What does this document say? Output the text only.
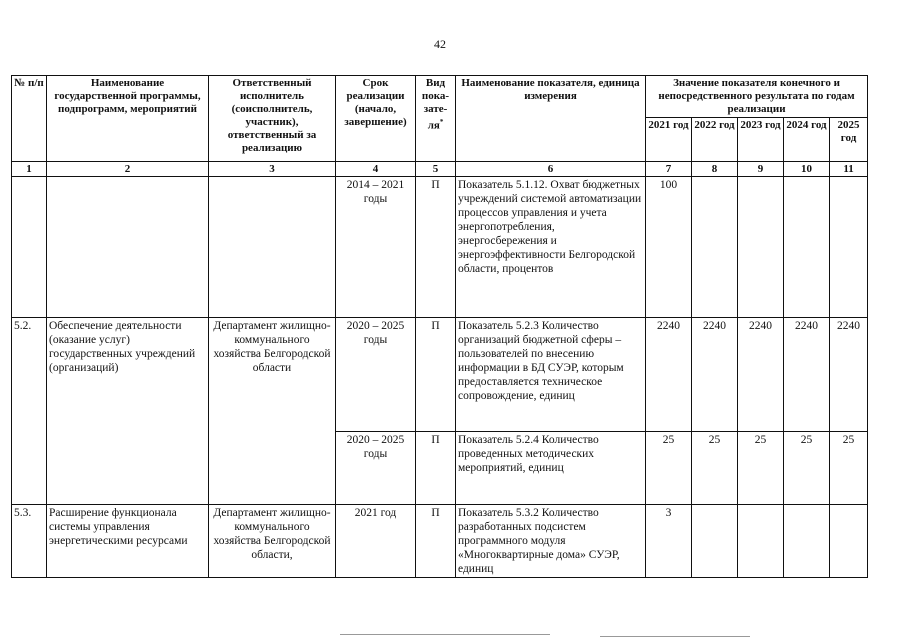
42
№ п/п	Наименование государственной программы, подпрограмм, мероприятий	Ответственный исполнитель (соисполнитель, участник), ответственный за реализацию	Срок реализации (начало, завершение)	Вид пока-зате-ля*	Наименование показателя, единица измерения	Значение показателя конечного и непосредственного результата по годам реализации				
						2021 год	2022 год	2023 год	2024 год	2025 год
1	2	3	4	5	6	7	8	9	10	11
			2014 – 2021 годы	П	Показатель 5.1.12. Охват бюджетных учреждений системой автоматизации процессов управления и учета энергопотребления, энергосбережения и энергоэффективности Белгородской области, процентов	100				
5.2.	Обеспечение деятельности (оказание услуг) государственных учреждений (организаций)	Департамент жилищно-коммунального хозяйства Белгородской области	2020 – 2025 годы	П	Показатель 5.2.3 Количество организаций бюджетной сферы – пользователей по внесению информации в БД СУЭР, которым предоставляется техническое сопровождение, единиц	2240	2240	2240	2240	2240
			2020 – 2025 годы	П	Показатель 5.2.4 Количество проведенных методических мероприятий, единиц	25	25	25	25	25
5.3.	Расширение функционала системы управления энергетическими ресурсами	Департамент жилищно-коммунального хозяйства Белгородской области,	2021 год	П	Показатель 5.3.2 Количество разработанных подсистем программного модуля «Многоквартирные дома» СУЭР, единиц	3				
